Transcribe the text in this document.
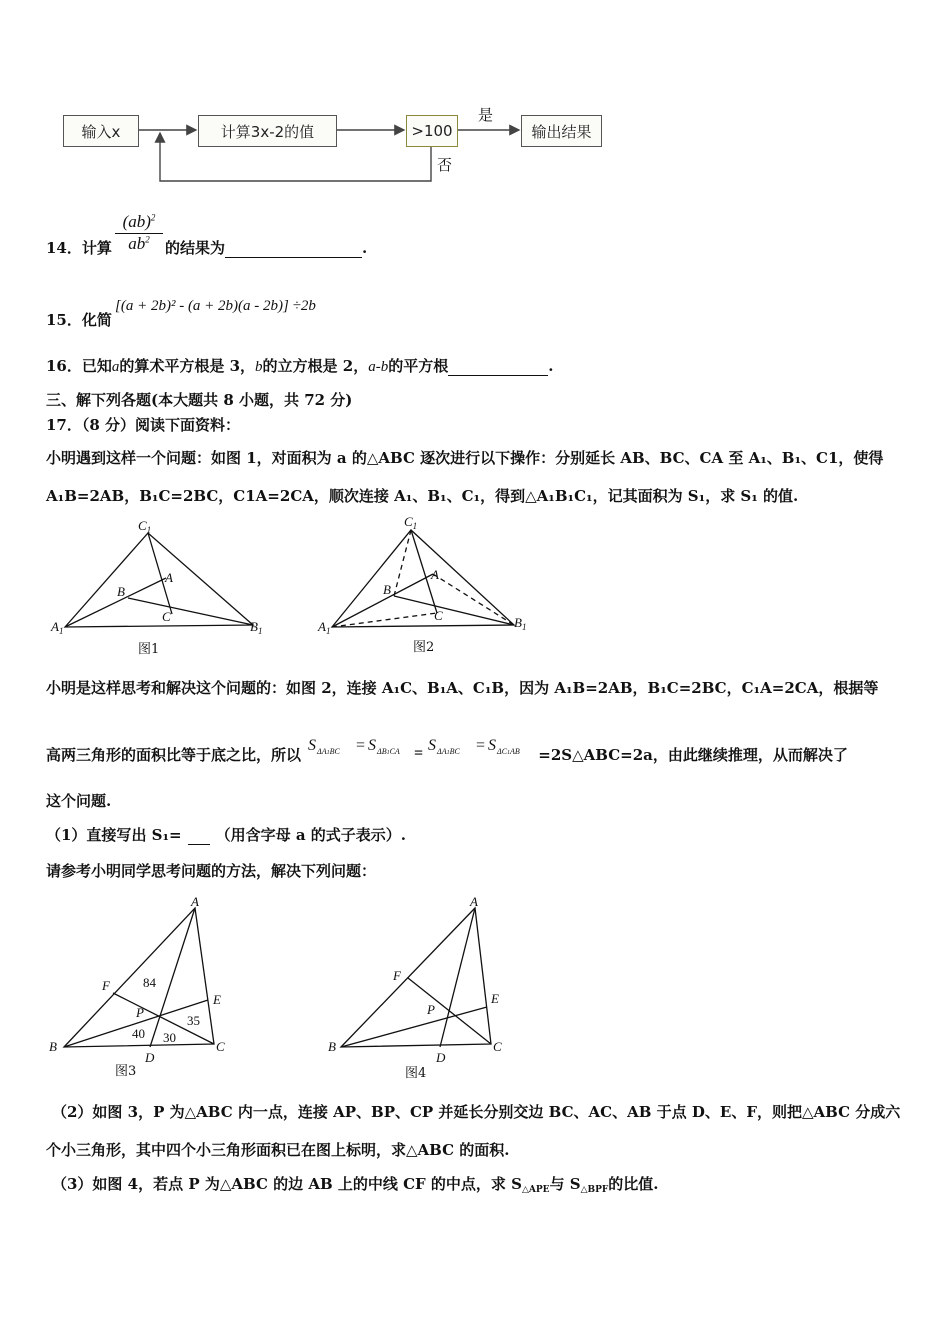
输入x	计算3x-2的值	>100	输出结果
是
否
14．计算
(ab)$^2$
$ab^2$	的结果为	.
15．化简
[(a + 2b)² - (a + 2b)(a - 2b)] ÷2b
16．已知a的算术平方根是 3，b的立方根是 2，a-b的平方根	.
三、解下列各题(本大题共 8 小题，共 72 分)
17．（8 分）阅读下面资料：
小明遇到这样一个问题：如图 1，对面积为 a 的△ABC 逐次进行以下操作：分别延长 AB、BC、CA 至 A₁、B₁、C1，使得
A₁B=2AB，B₁C=2BC，C1A=2CA，顺次连接 A₁、B₁、C₁，得到△A₁B₁C₁，记其面积为 S₁，求 S₁ 的值.
$C_1$
A
B
C
$A_1$	$B_1$
$C_1$
A
B
C
$A_1$
$B_1$
图1	图2
小明是这样思考和解决这个问题的：如图 2，连接 A₁C、B₁A、C₁B，因为 A₁B=2AB，B₁C=2BC，C₁A=2CA，根据等
高两三角形的面积比等于底之比，所以
S ΔA1BC = S ΔB1CA = S ΔA1BC = S ΔC1AB =2S△ABC=2a，由此继续推理，从而解决了
这个问题.
（1）直接写出 S₁= （用含字母 a 的式子表示）.
请参考小明同学思考问题的方法，解决下列问题：
A
F
E
P
B	C
D
A
F
E
P
B	C
D
84
40 30
35
图3	图4
（2）如图 3，P 为△ABC 内一点，连接 AP、BP、CP 并延长分别交边 BC、AC、AB 于点 D、E、F，则把△ABC 分成六
个小三角形，其中四个小三角形面积已在图上标明，求△ABC 的面积.
（3）如图 4，若点 P 为△ABC 的边 AB 上的中线 CF 的中点，求 $S_{\triangle APE}$与 $S_{\triangle BPF}$的比值.
